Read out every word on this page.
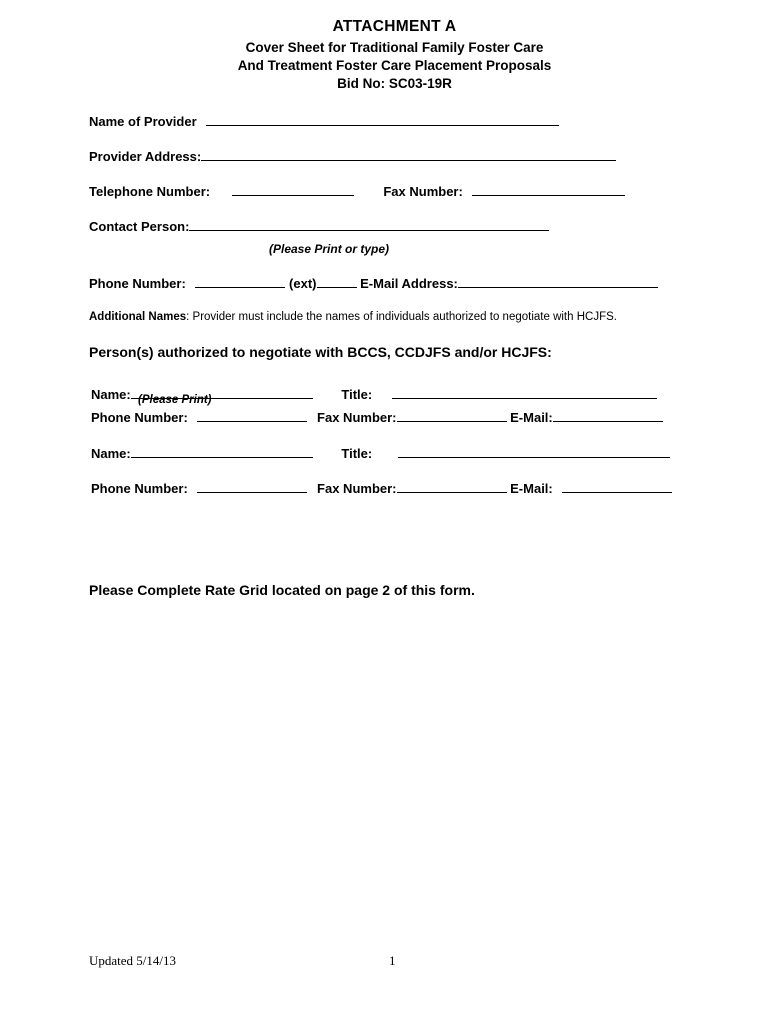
ATTACHMENT A
Cover Sheet for Traditional Family Foster Care
And Treatment Foster Care Placement Proposals
Bid No: SC03-19R
Name of Provider
Provider Address:
Telephone Number:	Fax Number:
Contact Person:
(Please Print or type)
Phone Number:	(ext)	E-Mail Address:
Additional Names: Provider must include the names of individuals authorized to negotiate with HCJFS.
Person(s) authorized to negotiate with BCCS, CCDJFS and/or HCJFS:
Name:	Title:
(Please Print)
Phone Number:	Fax Number:	E-Mail:
Name:	Title:
Phone Number:	Fax Number:	E-Mail:
Please Complete Rate Grid located on page 2 of this form.
Updated 5/14/13	1
